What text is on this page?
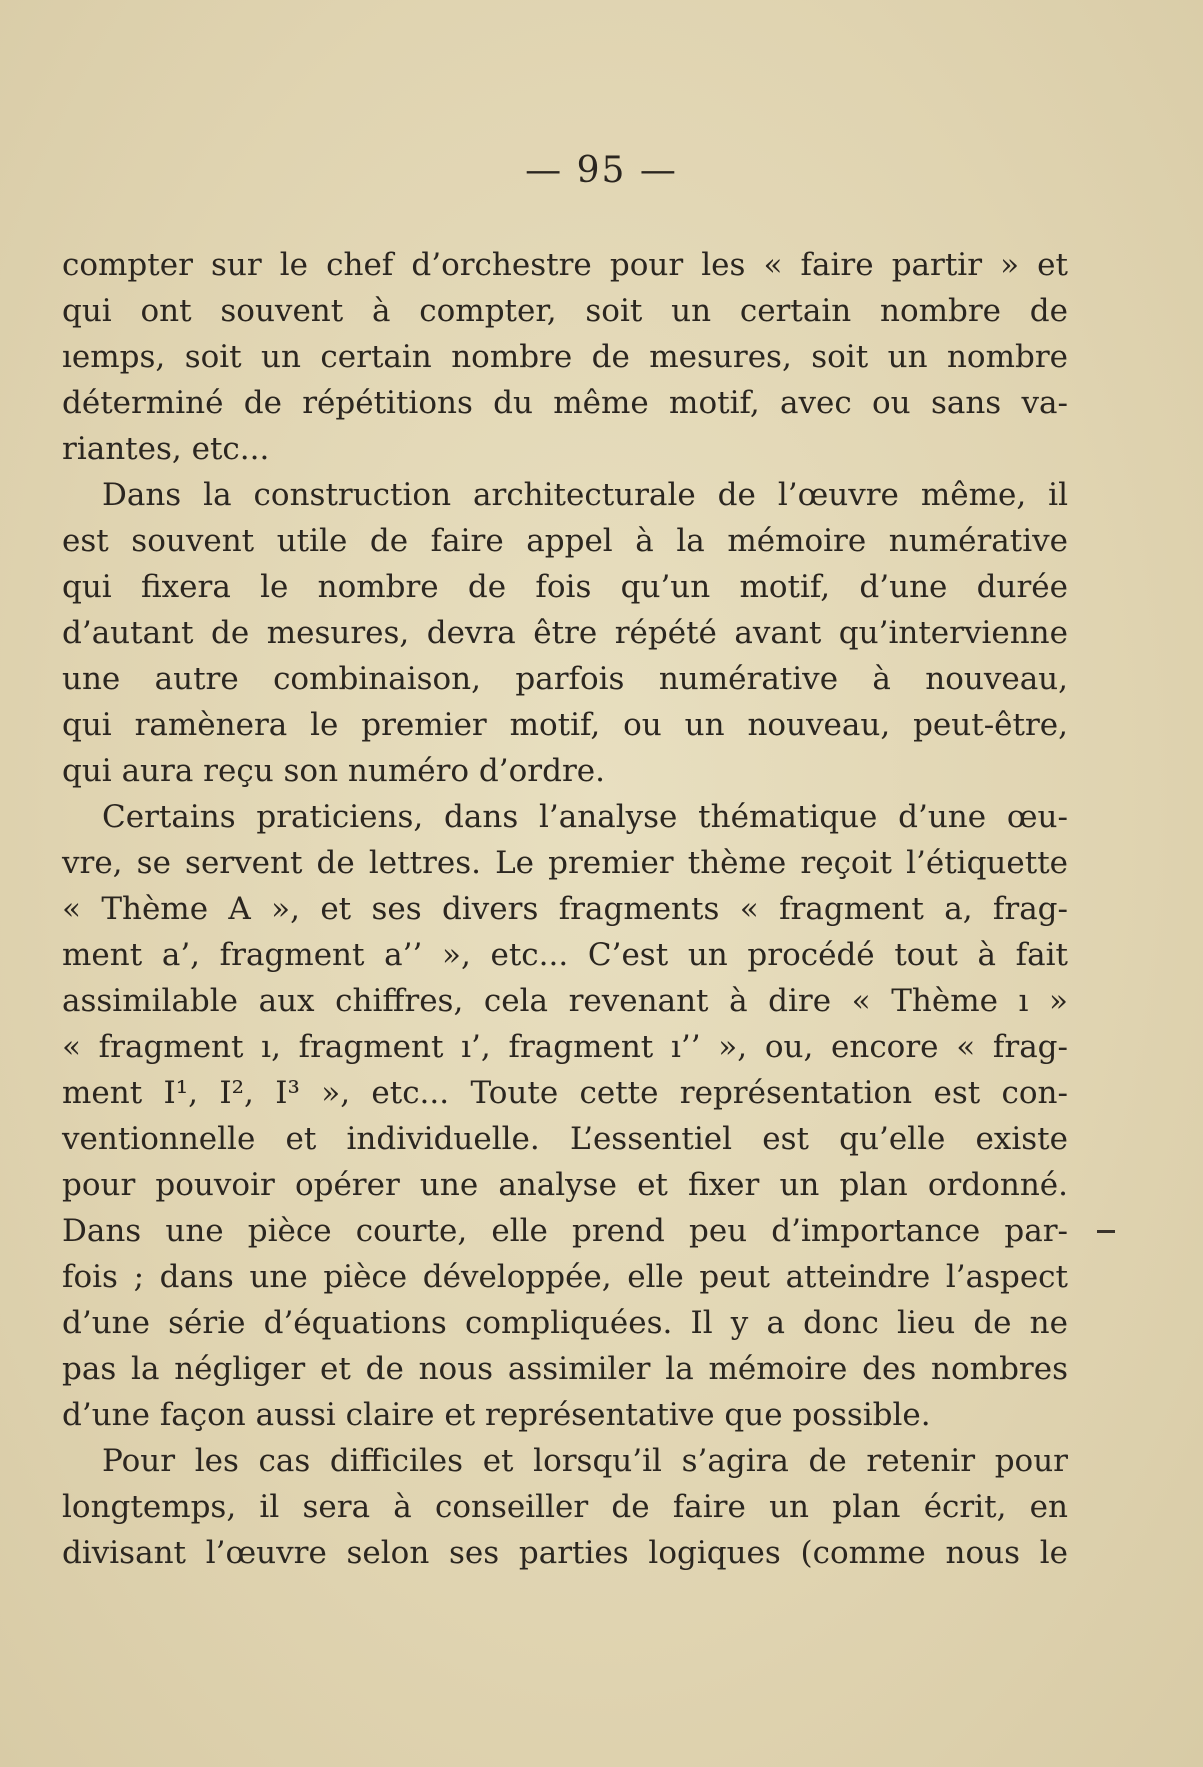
— 95 —

compter sur le chef d’orchestre pour les « faire partir » et
qui ont souvent à compter, soit un certain nombre de
ıemps, soit un certain nombre de mesures, soit un nombre
déterminé de répétitions du même motif, avec ou sans va-
riantes, etc...
Dans la construction architecturale de l’œuvre même, il
est souvent utile de faire appel à la mémoire numérative
qui fixera le nombre de fois qu’un motif, d’une durée
d’autant de mesures, devra être répété avant qu’intervienne
une autre combinaison, parfois numérative à nouveau,
qui ramènera le premier motif, ou un nouveau, peut-être,
qui aura reçu son numéro d’ordre.
Certains praticiens, dans l’analyse thématique d’une œu-
vre, se servent de lettres. Le premier thème reçoit l’étiquette
« Thème A », et ses divers fragments « fragment a, frag-
ment a’, fragment a’’ », etc... C’est un procédé tout à fait
assimilable aux chiffres, cela revenant à dire « Thème ı »
« fragment ı, fragment ı’, fragment ı’’ », ou, encore « frag-
ment I¹, I², I³ », etc... Toute cette représentation est con-
ventionnelle et individuelle. L’essentiel est qu’elle existe
pour pouvoir opérer une analyse et fixer un plan ordonné.
Dans une pièce courte, elle prend peu d’importance par-
fois ; dans une pièce développée, elle peut atteindre l’aspect
d’une série d’équations compliquées. Il y a donc lieu de ne
pas la négliger et de nous assimiler la mémoire des nombres
d’une façon aussi claire et représentative que possible.
Pour les cas difficiles et lorsqu’il s’agira de retenir pour
longtemps, il sera à conseiller de faire un plan écrit, en
divisant l’œuvre selon ses parties logiques (comme nous le
